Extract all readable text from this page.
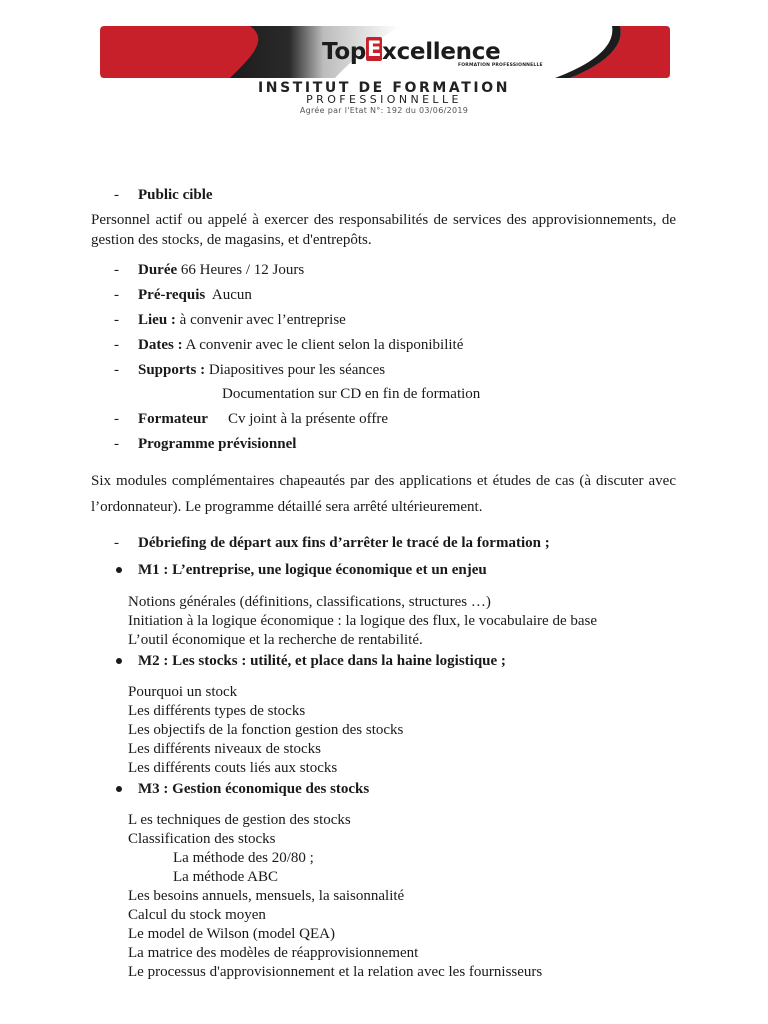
TopExcellence
FORMATION PROFESSIONNELLE
INSTITUT DE FORMATION
PROFESSIONNELLE
Agrée par l'Etat N°: 192 du 03/06/2019
- Public cible
Personnel actif ou appelé à exercer des responsabilités de services des approvisionnements, de gestion des stocks, de magasins, et d'entrepôts.
- Durée 66 Heures / 12 Jours
- Pré-requis Aucun
- Lieu : à convenir avec l’entreprise
- Dates : A convenir avec le client selon la disponibilité
- Supports : Diapositives pour les séances
Documentation sur CD en fin de formation
- Formateur Cv joint à la présente offre
- Programme prévisionnel
Six modules complémentaires chapeautés par des applications et études de cas (à discuter avec l’ordonnateur). Le programme détaillé sera arrêté ultérieurement.
- Débriefing de départ aux fins d’arrêter le tracé de la formation ;
M1 : L’entreprise, une logique économique et un enjeu
Notions générales (définitions, classifications, structures …)
Initiation à la logique économique : la logique des flux, le vocabulaire de base
L’outil économique et la recherche de rentabilité.
M2 : Les stocks : utilité, et place dans la haine logistique ;
Pourquoi un stock
Les différents types de stocks
Les objectifs de la fonction gestion des stocks
Les différents niveaux de stocks
Les différents couts liés aux stocks
M3 : Gestion économique des stocks
L es techniques de gestion des stocks
Classification des stocks
La méthode des 20/80 ;
La méthode ABC
Les besoins annuels, mensuels, la saisonnalité
Calcul du stock moyen
Le model de Wilson (model QEA)
La matrice des modèles de réapprovisionnement
Le processus d'approvisionnement et la relation avec les fournisseurs
